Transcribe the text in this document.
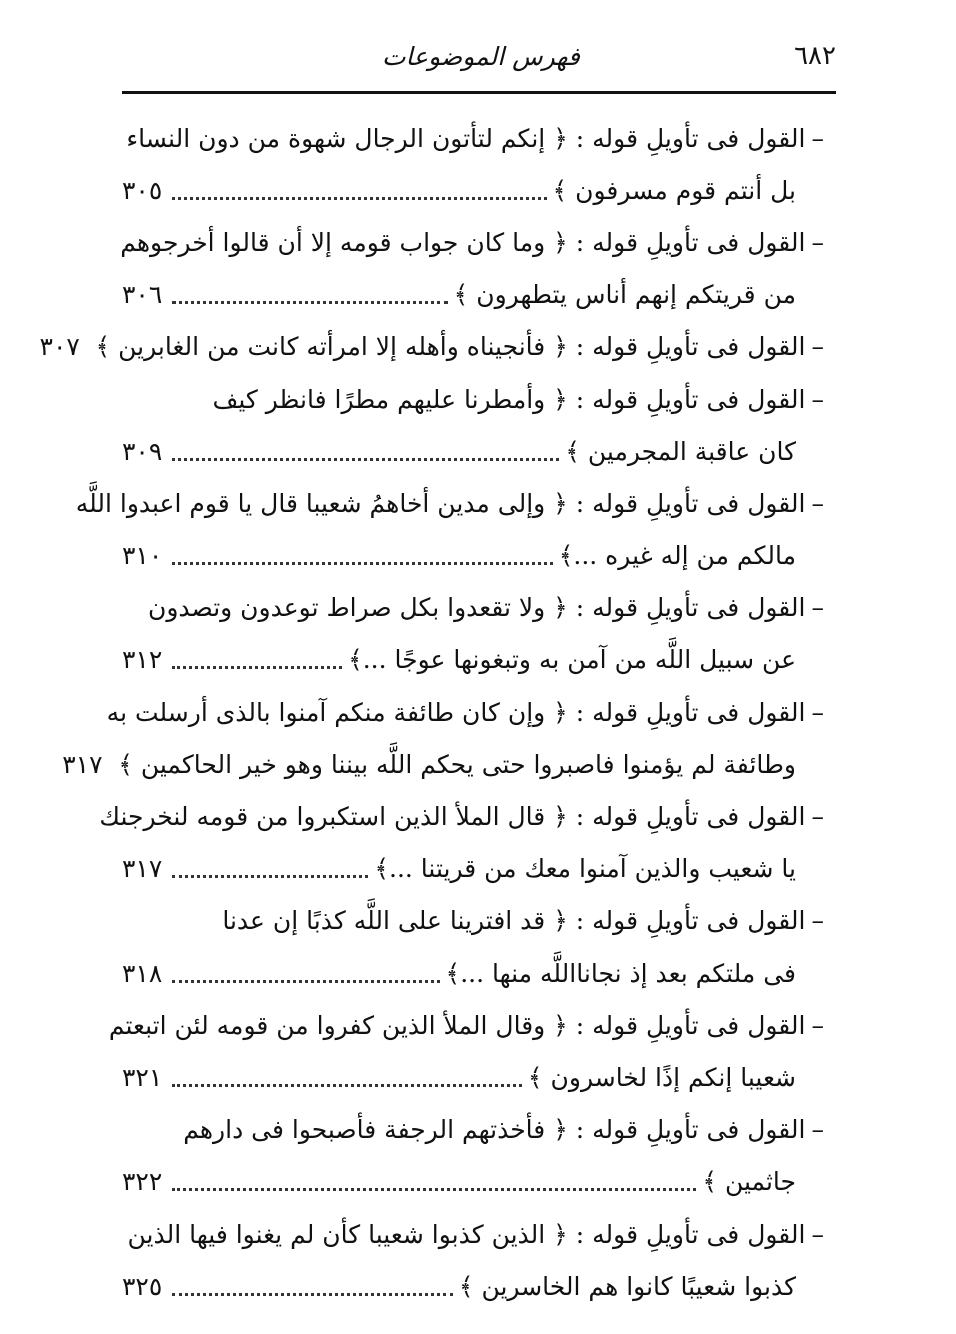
٦٨٢
فهرس الموضوعات
–
القول فى تأويلِ قوله : ﴿ إنكم لتأتون الرجال شهوة من دون النساء
بل أنتم قوم مسرفون ﴾
٣٠٥
–
القول فى تأويلِ قوله : ﴿ وما كان جواب قومه إلا أن قالوا أخرجوهم
من قريتكم إنهم أناس يتطهرون ﴾
٣٠٦
–
القول فى تأويلِ قوله : ﴿ فأنجيناه وأهله إلا امرأته كانت من الغابرين ﴾
٣٠٧
–
القول فى تأويلِ قوله : ﴿ وأمطرنا عليهم مطرًا فانظر كيف
كان عاقبة المجرمين ﴾
٣٠٩
–
القول فى تأويلِ قوله : ﴿ وإلى مدين أخاهمُ شعيبا قال يا قوم اعبدوا اللَّه
مالكم من إله غيره ...﴾
٣١٠
–
القول فى تأويلِ قوله : ﴿ ولا تقعدوا بكل صراط توعدون وتصدون
عن سبيل اللَّه من آمن به وتبغونها عوجًا ...﴾
٣١٢
–
القول فى تأويلِ قوله : ﴿ وإن كان طائفة منكم آمنوا بالذى أرسلت به
وطائفة لم يؤمنوا فاصبروا حتى يحكم اللَّه بيننا وهو خير الحاكمين ﴾
٣١٧
–
القول فى تأويلِ قوله : ﴿ قال الملأ الذين استكبروا من قومه لنخرجنك
يا شعيب والذين آمنوا معك من قريتنا ...﴾
٣١٧
–
القول فى تأويلِ قوله : ﴿ قد افترينا على اللَّه كذبًا إن عدنا
فى ملتكم بعد إذ نجانااللَّه منها ...﴾
٣١٨
–
القول فى تأويلِ قوله : ﴿ وقال الملأ الذين كفروا من قومه لئن اتبعتم
شعيبا إنكم إذًا لخاسرون ﴾
٣٢١
–
القول فى تأويلِ قوله : ﴿ فأخذتهم الرجفة فأصبحوا فى دارهم
جاثمين ﴾
٣٢٢
–
القول فى تأويلِ قوله : ﴿ الذين كذبوا شعيبا كأن لم يغنوا فيها الذين
كذبوا شعيبًا كانوا هم الخاسرين ﴾
٣٢٥
